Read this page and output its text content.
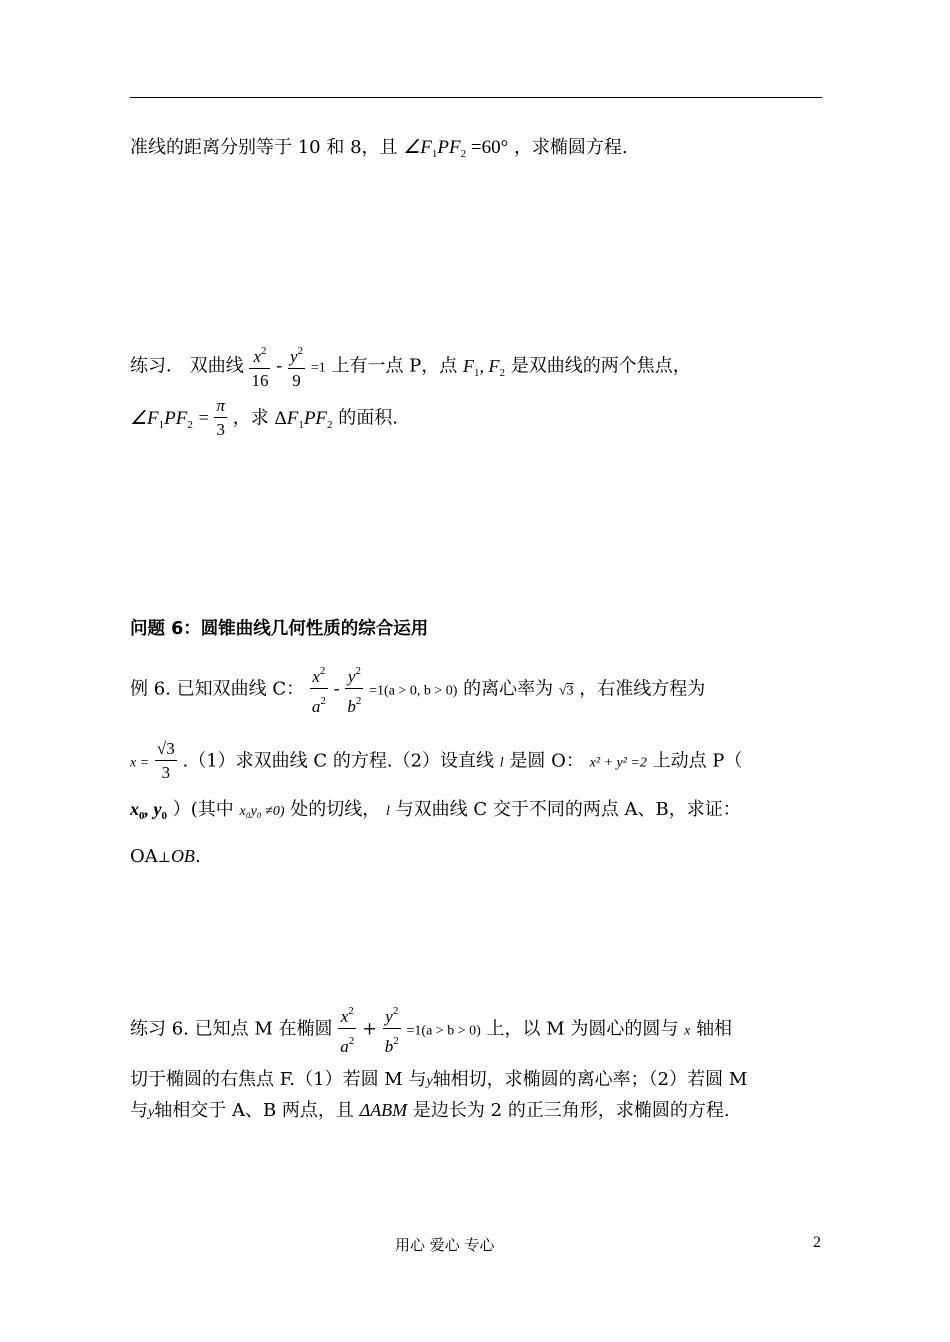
准线的距离分别等于 10 和 8，且 $\angle F_1PF_2 =60^\circ$ ，求椭圆方程.
练习． 双曲线 $\frac{x^2}{16} - \frac{y^2}{9} =1$ 上有一点 P，点 $F_1$, $F_2$ 是双曲线的两个焦点，
$\angle F_1PF_2 = \frac{\pi}{3}$ ，求 $\Delta F_1PF_2$ 的面积.
问题 6：圆锥曲线几何性质的综合运用
例 6. 已知双曲线 C： $\frac{x^2}{a^2} - \frac{y^2}{b^2} =1(a > 0$, b > 0) 的离心率为 √3 ，右准线方程为
$x = \frac{√3}{3} .(1)$求双曲线 C 的方程.（2）设直线 l 是圆 O： x² + y² =2 上动点 P（
$x_0$, $y_0$ ）(其中 x₀y₀ ≠0) 处的切线， l 与双曲线 C 交于不同的两点 A、B，求证：
OA⊥OB.
练习 6. 已知点 M 在椭圆 $\frac{x^2}{a^2} + \frac{y^2}{b^2} =1(a > b > 0)$ 上，以 M 为圆心的圆与 x 轴相
切于椭圆的右焦点 F.（1）若圆 M 与y轴相切，求椭圆的离心率；（2）若圆 M
与y轴相交于 A、B 两点，且 ΔABM 是边长为 2 的正三角形，求椭圆的方程.
用心 爱心 专心	2
